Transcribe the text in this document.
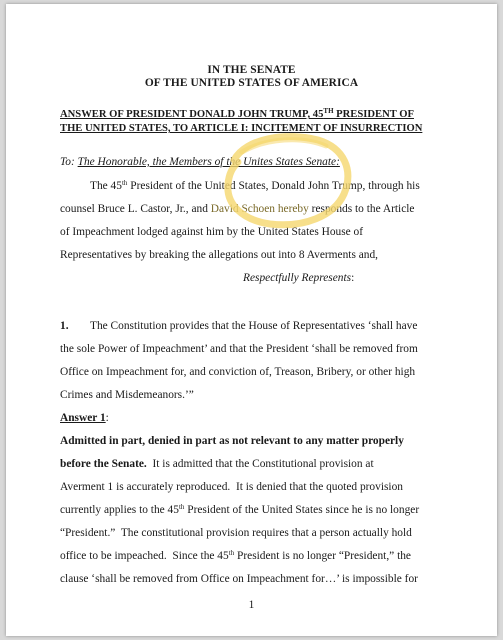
IN THE SENATE
OF THE UNITED STATES OF AMERICA
ANSWER OF PRESIDENT DONALD JOHN TRUMP, 45TH PRESIDENT OF
THE UNITED STATES, TO ARTICLE I: INCITEMENT OF INSURRECTION
To: The Honorable, the Members of the Unites States Senate:
The 45th President of the United States, Donald John Trump, through his
counsel Bruce L. Castor, Jr., and David Schoen hereby responds to the Article
of Impeachment lodged against him by the United States House of
Representatives by breaking the allegations out into 8 Averments and,
Respectfully Represents:
1. The Constitution provides that the House of Representatives ‘shall have
the sole Power of Impeachment’ and that the President ‘shall be removed from
Office on Impeachment for, and conviction of, Treason, Bribery, or other high
Crimes and Misdemeanors.’”
Answer 1:
Admitted in part, denied in part as not relevant to any matter properly
before the Senate.  It is admitted that the Constitutional provision at
Averment 1 is accurately reproduced.  It is denied that the quoted provision
currently applies to the 45th President of the United States since he is no longer
“President.”  The constitutional provision requires that a person actually hold
office to be impeached.  Since the 45th President is no longer “President,” the
clause ‘shall be removed from Office on Impeachment for…’ is impossible for
1
